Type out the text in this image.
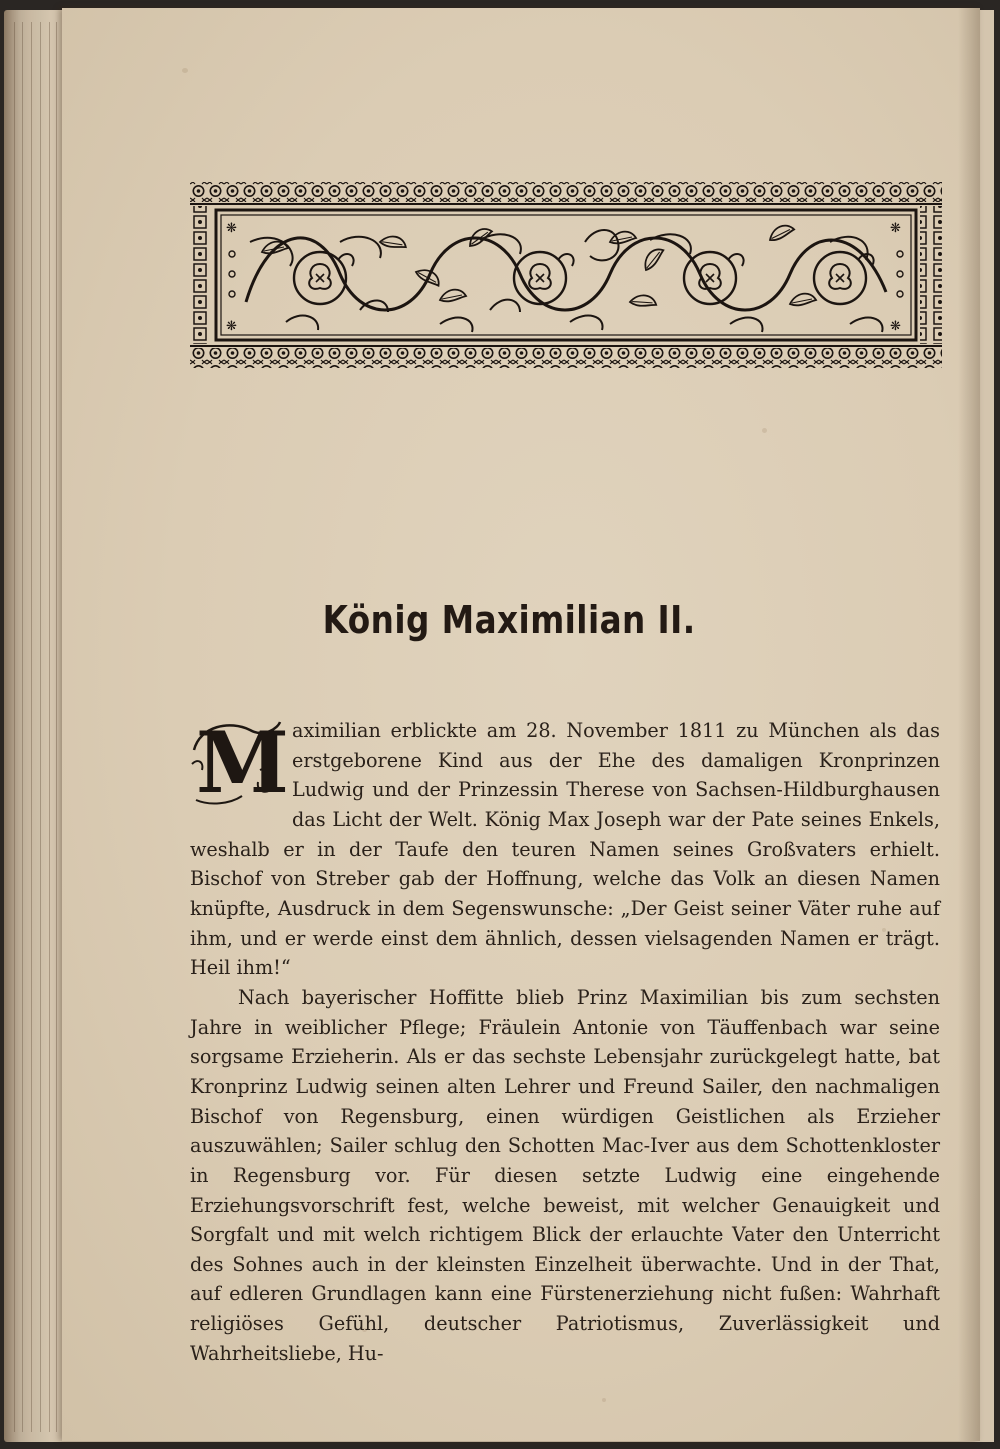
❋	❋
❋	❋
König Maximilian II.

M aximilian erblickte am 28. November 1811 zu München als das erstgeborene Kind aus der Ehe des damaligen Kronprinzen Ludwig und der Prinzessin Therese von Sachsen-Hildburghausen das Licht der Welt. König Max Joseph war der Pate seines Enkels, weshalb er in der Taufe den teuren Namen seines Großvaters erhielt. Bischof von Streber gab der Hoffnung, welche das Volk an diesen Namen knüpfte, Ausdruck in dem Segenswunsche: „Der Geist seiner Väter ruhe auf ihm, und er werde einst dem ähnlich, dessen vielsagenden Namen er trägt. Heil ihm!“

Nach bayerischer Hoffitte blieb Prinz Maximilian bis zum sechsten Jahre in weiblicher Pflege; Fräulein Antonie von Täuffenbach war seine sorgsame Erzieherin. Als er das sechste Lebensjahr zurückgelegt hatte, bat Kronprinz Ludwig seinen alten Lehrer und Freund Sailer, den nachmaligen Bischof von Regensburg, einen würdigen Geistlichen als Erzieher auszuwählen; Sailer schlug den Schotten Mac-Iver aus dem Schottenkloster in Regensburg vor. Für diesen setzte Ludwig eine eingehende Erziehungsvorschrift fest, welche beweist, mit welcher Genauigkeit und Sorgfalt und mit welch richtigem Blick der erlauchte Vater den Unterricht des Sohnes auch in der kleinsten Einzelheit überwachte. Und in der That, auf edleren Grundlagen kann eine Fürstenerziehung nicht fußen: Wahrhaft religiöses Gefühl, deutscher Patriotismus, Zuverlässigkeit und Wahrheitsliebe, Hu-
